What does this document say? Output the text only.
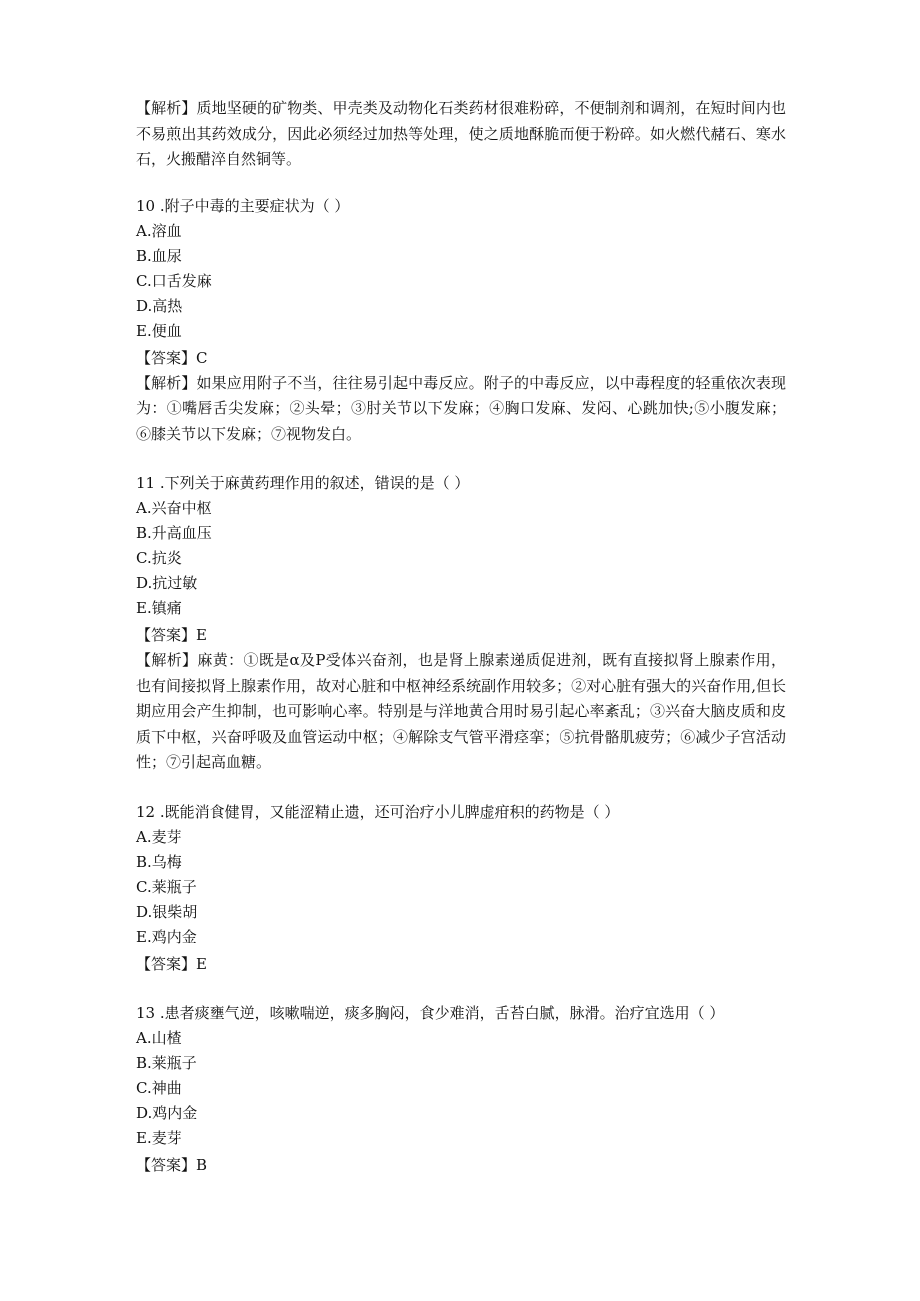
【解析】质地坚硬的矿物类、甲壳类及动物化石类药材很难粉碎，不便制剂和调剂，在短时间内也不易煎出其药效成分，因此必须经过加热等处理，使之质地酥脆而便于粉碎。如火燃代赭石、寒水石，火搬醋淬自然铜等。

10 .附子中毒的主要症状为（ ）

A.溶血

B.血尿

C.口舌发麻

D.高热

E.便血

【答案】C

【解析】如果应用附子不当，往往易引起中毒反应。附子的中毒反应，以中毒程度的轻重依次表现为：①嘴唇舌尖发麻；②头晕；③肘关节以下发麻；④胸口发麻、发闷、心跳加快;⑤小腹发麻；⑥膝关节以下发麻；⑦视物发白。

11 .下列关于麻黄药理作用的叙述，错误的是（ ）

A.兴奋中枢

B.升高血压

C.抗炎

D.抗过敏

E.镇痛

【答案】E

【解析】麻黄：①既是α及P受体兴奋剂，也是肾上腺素递质促进剂，既有直接拟肾上腺素作用，也有间接拟肾上腺素作用，故对心脏和中枢神经系统副作用较多；②对心脏有强大的兴奋作用,但长期应用会产生抑制，也可影响心率。特别是与洋地黄合用时易引起心率紊乱；③兴奋大脑皮质和皮质下中枢，兴奋呼吸及血管运动中枢；④解除支气管平滑痉挛；⑤抗骨骼肌疲劳；⑥减少子宫活动性；⑦引起高血糖。

12 .既能消食健胃，又能涩精止遗，还可治疗小儿脾虚疳积的药物是（ ）

A.麦芽

B.乌梅

C.莱瓶子

D.银柴胡

E.鸡内金

【答案】E

13 .患者痰壅气逆，咳嗽喘逆，痰多胸闷，食少难消，舌苔白腻，脉滑。治疗宜选用（ ）

A.山楂

B.莱瓶子

C.神曲

D.鸡内金

E.麦芽

【答案】B
